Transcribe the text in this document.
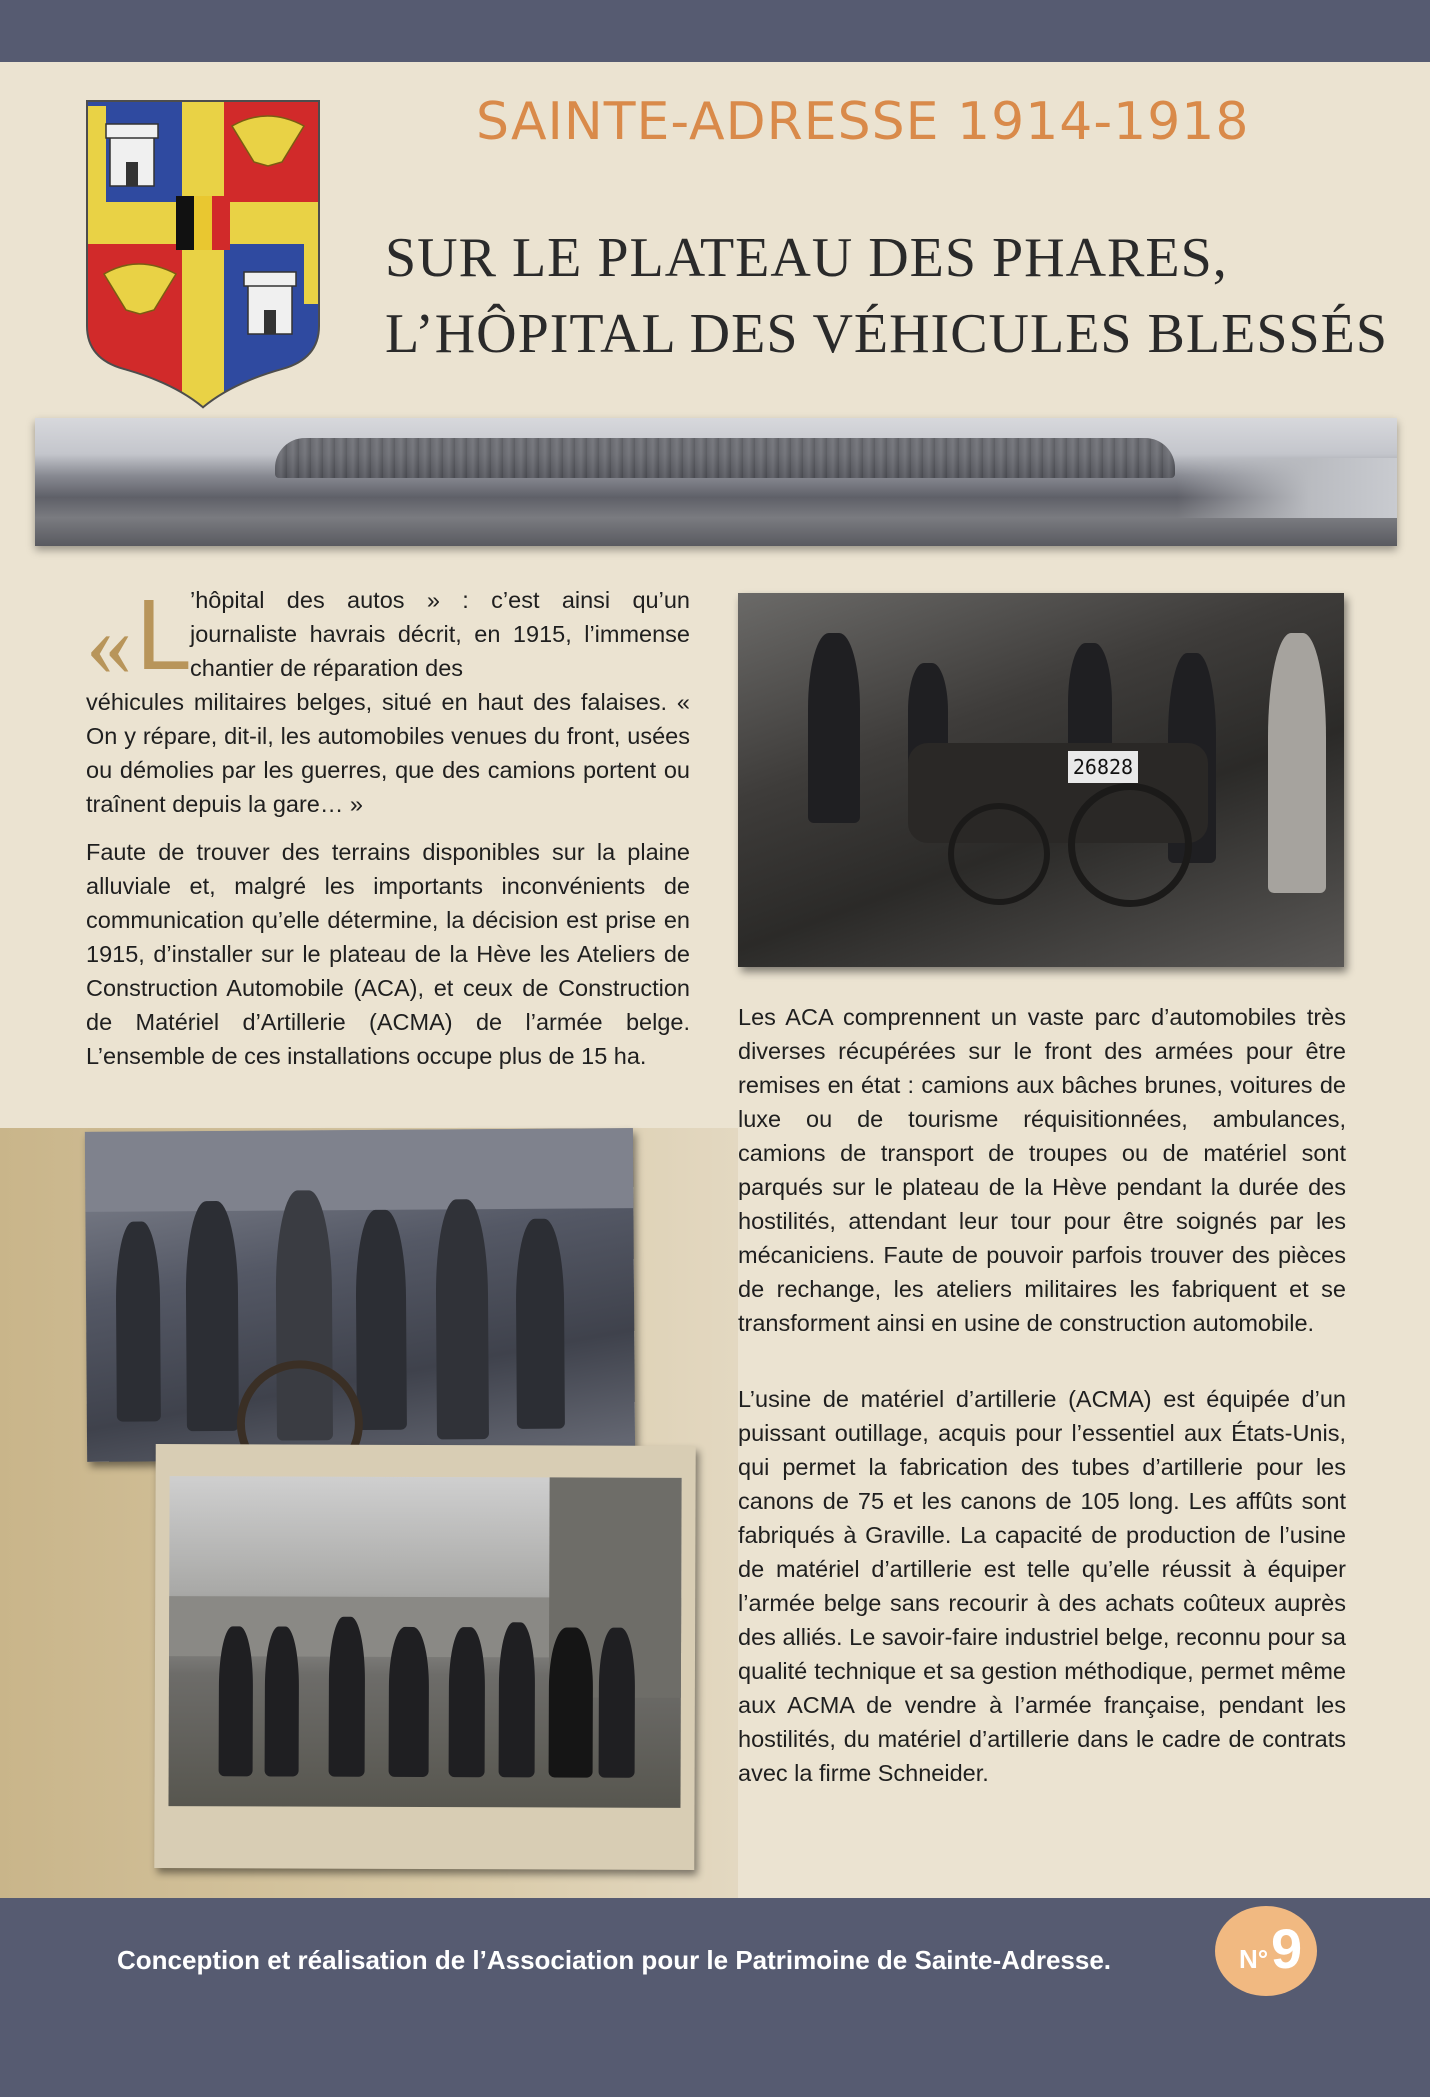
SAINTE-ADRESSE 1914-1918
SUR LE PLATEAU DES PHARES,
L’HÔPITAL DES VÉHICULES BLESSÉS
« L
’hôpital des autos » : c’est ainsi qu’un journaliste havrais décrit, en 1915, l’immense chantier de réparation des
véhicules militaires belges, situé en haut des falaises. « On y répare, dit-il, les automobiles venues du front, usées ou démolies par les guerres, que des camions portent ou traînent depuis la gare… »
Faute de trouver des terrains disponibles sur la plaine alluviale et, malgré les importants inconvénients de communication qu’elle détermine, la décision est prise en 1915, d’installer sur le plateau de la Hève les Ateliers de Construction Automobile (ACA), et ceux de Construction de Matériel d’Artillerie (ACMA) de l’armée belge. L’ensemble de ces installations occupe plus de 15 ha.
26828
Les ACA comprennent un vaste parc d’automobiles très diverses récupérées sur le front des armées pour être remises en état : camions aux bâches brunes, voitures de luxe ou de tourisme réquisitionnées, ambulances, camions de transport de troupes ou de matériel sont parqués sur le plateau de la Hève pendant la durée des hostilités, attendant leur tour pour être soignés par les mécaniciens. Faute de pouvoir parfois trouver des pièces de rechange, les ateliers militaires les fabriquent et se transforment ainsi en usine de construction automobile.
L’usine de matériel d’artillerie (ACMA) est équipée d’un puissant outillage, acquis pour l’essentiel aux États-Unis, qui permet la fabrication des tubes d’artillerie pour les canons de 75 et les canons de 105 long. Les affûts sont fabriqués à Graville. La capacité de production de l’usine de matériel d’artillerie est telle qu’elle réussit à équiper l’armée belge sans recourir à des achats coûteux auprès des alliés. Le savoir-faire industriel belge, reconnu pour sa qualité technique et sa gestion méthodique, permet même aux ACMA de vendre à l’armée française, pendant les hostilités, du matériel d’artillerie dans le cadre de contrats avec la firme Schneider.
Conception et réalisation de l’Association pour le Patrimoine de Sainte-Adresse.	N° 9
